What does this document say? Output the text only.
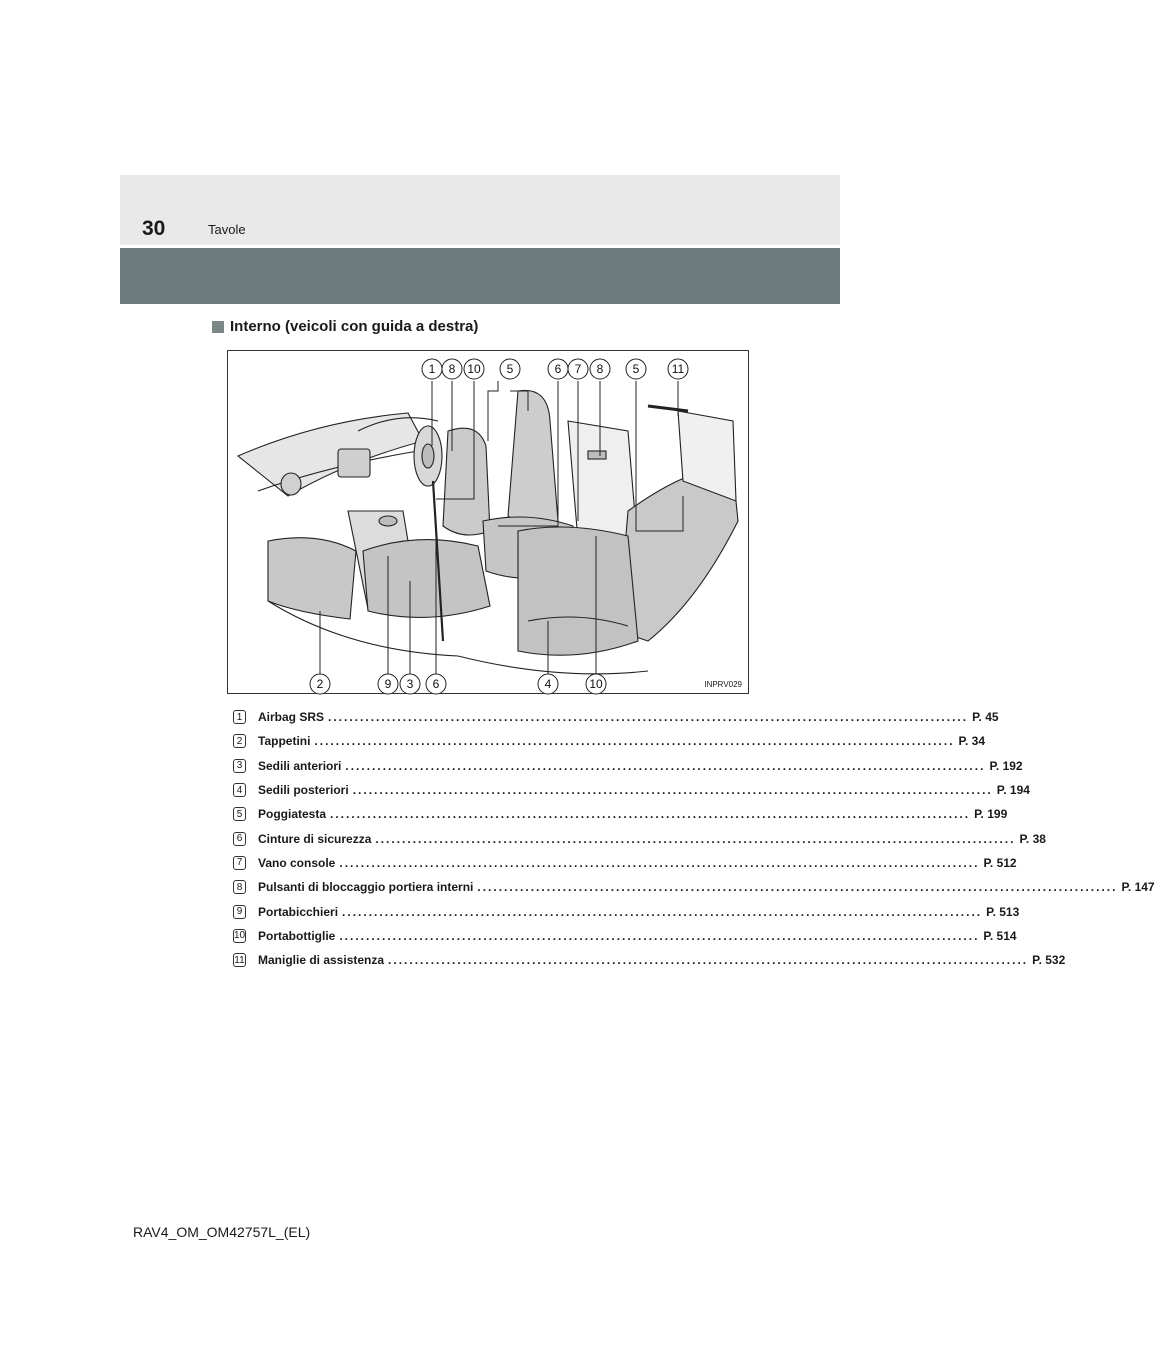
30	Tavole
Interno (veicoli con guida a destra)
1 8 10 5	6 7 8 5	11
2	9 3 6	4	10	INPRV029
1	Airbag SRS ........................................................................................................................ P. 45
2	Tappetini ........................................................................................................................ P. 34
3	Sedili anteriori ........................................................................................................................ P. 192
4	Sedili posteriori ........................................................................................................................ P. 194
5	Poggiatesta ........................................................................................................................ P. 199
6	Cinture di sicurezza ........................................................................................................................ P. 38
7	Vano console ........................................................................................................................ P. 512
8	Pulsanti di bloccaggio portiera interni ........................................................................................................................ P. 147
9	Portabicchieri ........................................................................................................................ P. 513
10 Portabottiglie ........................................................................................................................ P. 514
11 Maniglie di assistenza ........................................................................................................................ P. 532
RAV4_OM_OM42757L_(EL)
